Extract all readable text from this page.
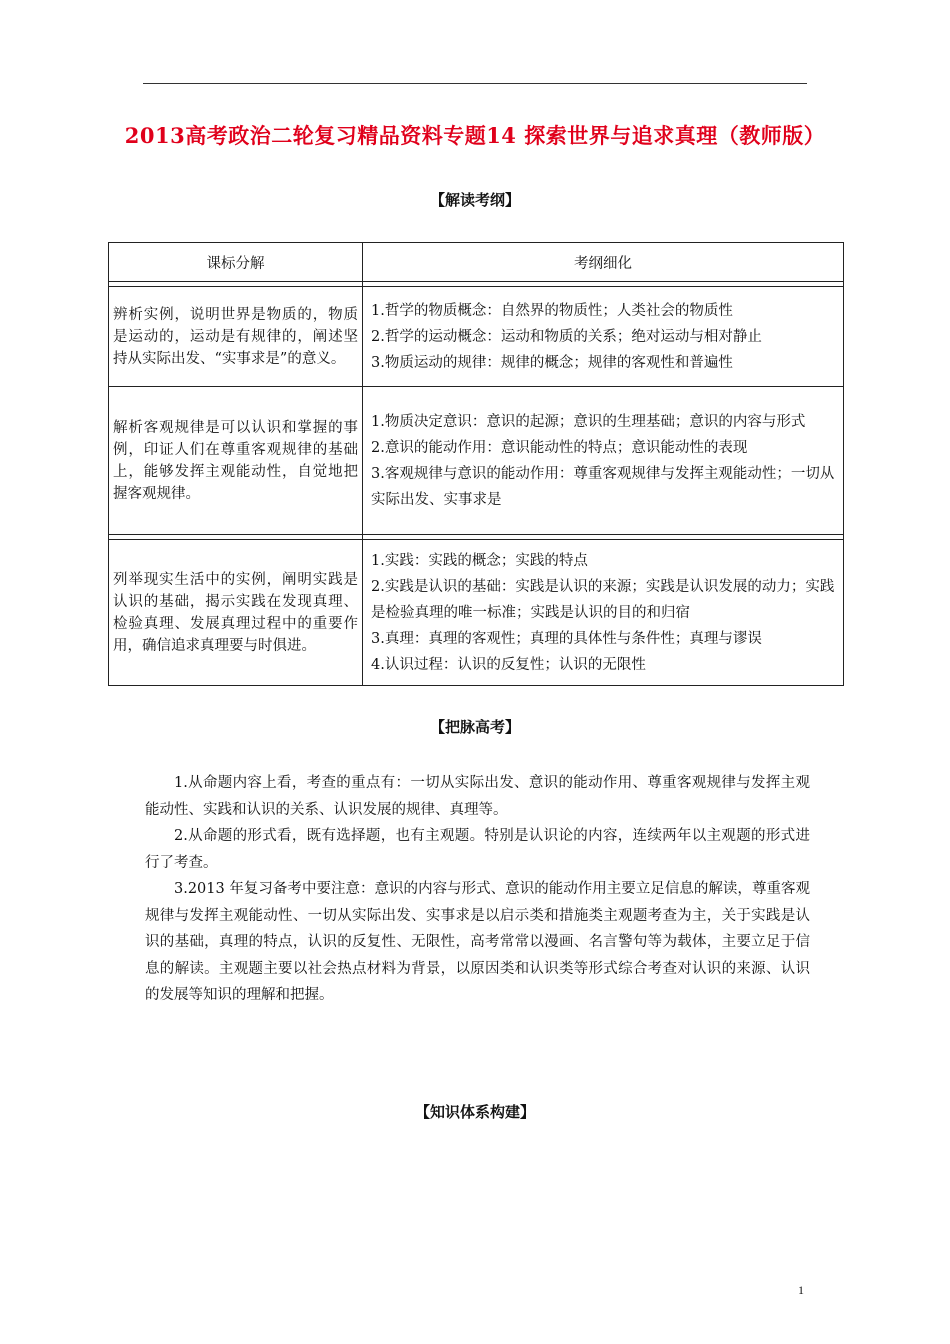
2013高考政治二轮复习精品资料专题14 探索世界与追求真理（教师版）
【解读考纲】
课标分解	考纲细化

辨析实例，说明世界是物质的，物质是运动的，运动是有规律的，阐述坚持从实际出发、“实事求是”的意义。	1.哲学的物质概念：自然界的物质性；人类社会的物质性
2.哲学的运动概念：运动和物质的关系；绝对运动与相对静止
3.物质运动的规律：规律的概念；规律的客观性和普遍性

解析客观规律是可以认识和掌握的事例，印证人们在尊重客观规律的基础上，能够发挥主观能动性，自觉地把握客观规律。	1.物质决定意识：意识的起源；意识的生理基础；意识的内容与形式
2.意识的能动作用：意识能动性的特点；意识能动性的表现
3.客观规律与意识的能动作用：尊重客观规律与发挥主观能动性；一切从实际出发、实事求是

列举现实生活中的实例，阐明实践是认识的基础，揭示实践在发现真理、检验真理、发展真理过程中的重要作用，确信追求真理要与时俱进。	1.实践：实践的概念；实践的特点
2.实践是认识的基础：实践是认识的来源；实践是认识发展的动力；实践是检验真理的唯一标准；实践是认识的目的和归宿
3.真理：真理的客观性；真理的具体性与条件性；真理与谬误
4.认识过程：认识的反复性；认识的无限性
【把脉高考】

1.从命题内容上看，考查的重点有：一切从实际出发、意识的能动作用、尊重客观规律与发挥主观能动性、实践和认识的关系、认识发展的规律、真理等。

2.从命题的形式看，既有选择题，也有主观题。特别是认识论的内容，连续两年以主观题的形式进行了考查。

3.2013 年复习备考中要注意：意识的内容与形式、意识的能动作用主要立足信息的解读，尊重客观规律与发挥主观能动性、一切从实际出发、实事求是以启示类和措施类主观题考查为主，关于实践是认识的基础，真理的特点，认识的反复性、无限性，高考常常以漫画、名言警句等为载体，主要立足于信息的解读。主观题主要以社会热点材料为背景，以原因类和认识类等形式综合考查对认识的来源、认识的发展等知识的理解和把握。

【知识体系构建】
1
